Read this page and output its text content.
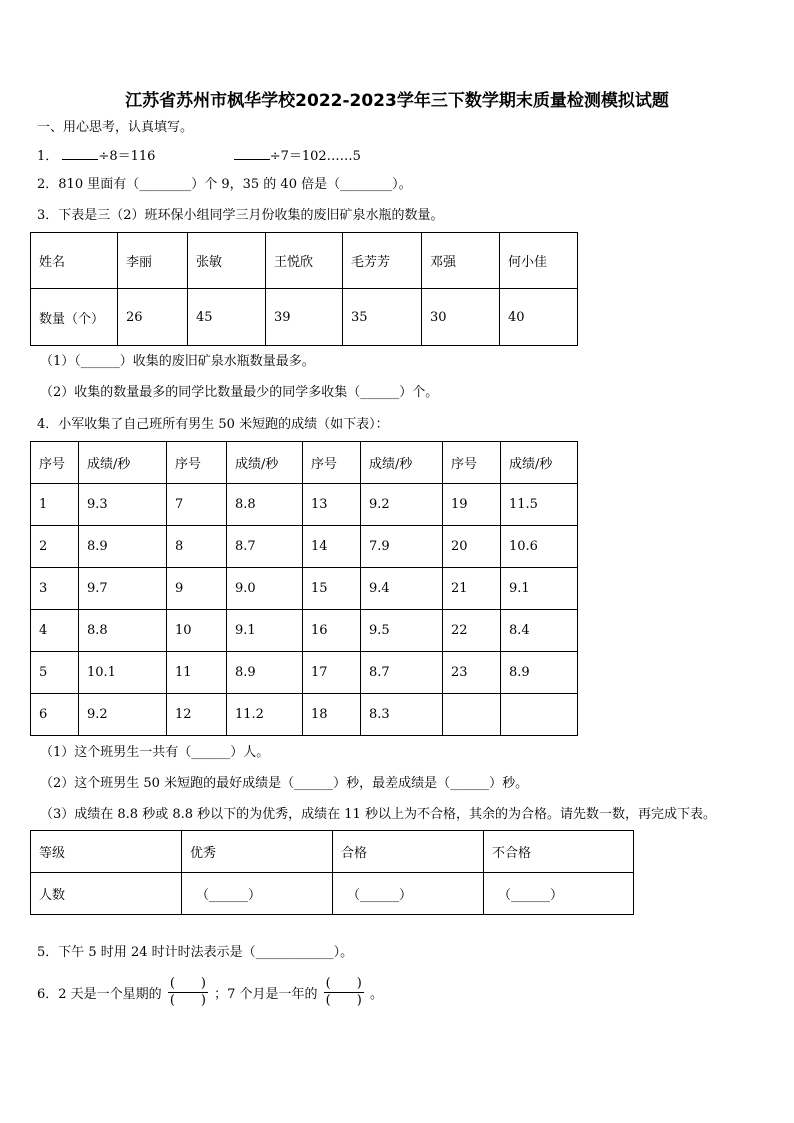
江苏省苏州市枫华学校2022-2023学年三下数学期末质量检测模拟试题
一、用心思考，认真填写。
1．	÷8＝116	÷7＝102……5
2．810 里面有（________）个 9，35 的 40 倍是（________）。
3．下表是三（2）班环保小组同学三月份收集的废旧矿泉水瓶的数量。
姓名	李丽	张敏	王悦欣	毛芳芳	邓强	何小佳
数量（个）	26	45	39	35	30	40
（1）（______）收集的废旧矿泉水瓶数量最多。
（2）收集的数量最多的同学比数量最少的同学多收集（______）个。
4．小军收集了自己班所有男生 50 米短跑的成绩（如下表）：
序号	成绩/秒	序号	成绩/秒	序号	成绩/秒	序号	成绩/秒
1	9.3	7	8.8	13	9.2	19	11.5
2	8.9	8	8.7	14	7.9	20	10.6
3	9.7	9	9.0	15	9.4	21	9.1
4	8.8	10	9.1	16	9.5	22	8.4
5	10.1	11	8.9	17	8.7	23	8.9
6	9.2	12	11.2	18	8.3		
（1）这个班男生一共有（______）人。
（2）这个班男生 50 米短跑的最好成绩是（______）秒，最差成绩是（______）秒。
（3）成绩在 8.8 秒或 8.8 秒以下的为优秀，成绩在 11 秒以上为不合格，其余的为合格。请先数一数，再完成下表。
等级	优秀	合格	不合格
人数	（______）	（______）	（______）
5．下午 5 时用 24 时计时法表示是（____________）。
6．2 天是一个星期的 $\frac{( )}{( )}$ ；7 个月是一年的 $\frac{( )}{( )}$ 。
